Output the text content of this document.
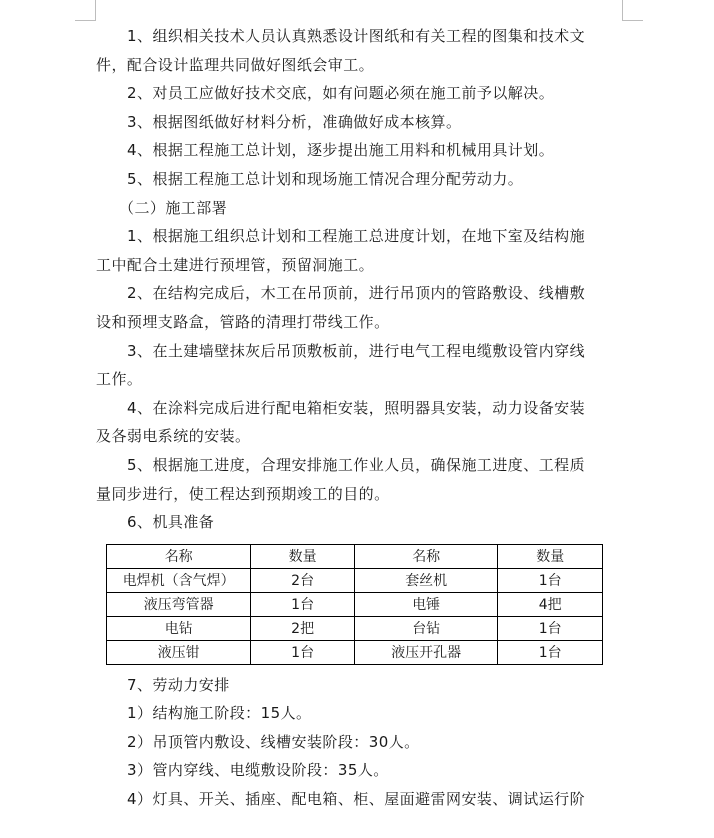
1、组织相关技术人员认真熟悉设计图纸和有关工程的图集和技术文

件，配合设计监理共同做好图纸会审工。

2、对员工应做好技术交底，如有问题必须在施工前予以解决。

3、根据图纸做好材料分析，准确做好成本核算。

4、根据工程施工总计划，逐步提出施工用料和机械用具计划。

5、根据工程施工总计划和现场施工情况合理分配劳动力。

（二）施工部署

1、根据施工组织总计划和工程施工总进度计划，在地下室及结构施

工中配合土建进行预埋管，预留洞施工。

2、在结构完成后，木工在吊顶前，进行吊顶内的管路敷设、线槽敷

设和预埋支路盒，管路的清理打带线工作。

3、在土建墙壁抹灰后吊顶敷板前，进行电气工程电缆敷设管内穿线

工作。

4、在涂料完成后进行配电箱柜安装，照明器具安装，动力设备安装

及各弱电系统的安装。

5、根据施工进度，合理安排施工作业人员，确保施工进度、工程质

量同步进行，使工程达到预期竣工的目的。

6、机具准备

名称	数量	名称	数量
电焊机（含气焊）	2台	套丝机	1台
液压弯管器	1台	电锤	4把
电钻	2把	台钻	1台
液压钳	1台	液压开孔器	1台

7、劳动力安排

1）结构施工阶段：15人。

2）吊顶管内敷设、线槽安装阶段：30人。

3）管内穿线、电缆敷设阶段：35人。

4）灯具、开关、插座、配电箱、柜、屋面避雷网安装、调试运行阶
